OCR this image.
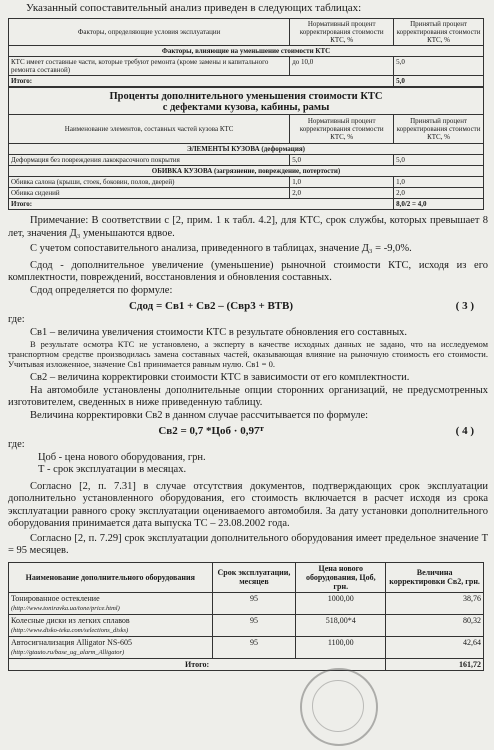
Указанный сопоставительный анализ приведен в следующих таблицах:

Факторы, определяющие условия эксплуатации	Нормативный процент корректирования стоимости КТС, %	Принятый процент корректирования стоимости КТС, %
Факторы, влияющие на уменьшение стоимости КТС		
КТС имеет составные части, которые требуют ремонта (кроме замены и капитального ремонта составной)	до 10,0	5,0
Итого:		5,0
Проценты дополнительного уменьшения стоимости КТС
с дефектами кузова, кабины, рамы		
Наименование элементов, составных частей кузова КТС	Нормативный процент корректирования стоимости КТС, %	Принятый процент корректирования стоимости КТС, %
ЭЛЕМЕНТЫ КУЗОВА (деформация)		
Деформация без повреждения лакокрасочного покрытия	5,0	5,0
ОБИВКА КУЗОВА (загрязнение, повреждение, потертости)		
Обивка салона (крыши, стоек, боковин, полов, дверей)	1,0	1,0
Обивка сидений	2,0	2,0
Итого:		8,0/2 = 4,0

Примечание: В соответствии с [2, прим. 1 к табл. 4.2], для КТС, срок службы, которых превышает 8 лет, значения Д₃ уменьшаются вдвое.

С учетом сопоставительного анализа, приведенного в таблицах, значение Д₃ = -9,0%.

Сдод - дополнительное увеличение (уменьшение) рыночной стоимости КТС, исходя из его комплектности, повреждений, восстановления и обновления составных.

Сдод определяется по формуле:

Сдод = Св1 + Св2 – (Свр3 + ВТВ)	( 3 )

где:

Св1 – величина увеличения стоимости КТС в результате обновления его составных.

В результате осмотра КТС не установлено, а эксперту в качестве исходных данных не задано, что на исследуемом транспортном средстве производилась замена составных частей, оказывающая влияние на рыночную стоимость его стоимости. Учитывая изложенное, значение Св1 принимается равным нулю. Св1 = 0.

Св2 – величина корректировки стоимости КТС в зависимости от его комплектности.

На автомобиле установлены дополнительные опции сторонних организаций, не предусмотренных изготовителем, сведенных в ниже приведенную таблицу.

Величина корректировки Св2 в данном случае рассчитывается по формуле:

Св2 = 0,7 *Цоб · 0,97ᵀ	( 4 )

где:

Цоб - цена нового оборудования, грн.

Т - срок эксплуатации в месяцах.

Согласно [2, п. 7.31] в случае отсутствия документов, подтверждающих срок эксплуатации дополнительно установленного оборудования, его стоимость включается в расчет исходя из срока эксплуатации равного сроку эксплуатации оцениваемого автомобиля. За дату установки дополнительного оборудования принимается дата выпуска ТС – 23.08.2002 года.

Согласно [2, п. 7.29] срок эксплуатации дополнительного оборудования имеет предельное значение Т = 95 месяцев.

Наименование дополнительного оборудования	Срок эксплуатации, месяцев	Цена нового оборудования, Цоб, грн.	Величина корректировки Св2, грн.
Тонированное остекление
(http://www.toniravka.ua/tone/price.html)	95	1000,00	38,76
Колесные диски из легких сплавов
(http://www.disko-teka.com/selections_disks)	95	518,00*4	80,32
Автосигнализация Alligator NS-605
(http://gtauto.ru/base_ug_alarm_Alligator)	95	1100,00	42,64
Итого:			161,72
